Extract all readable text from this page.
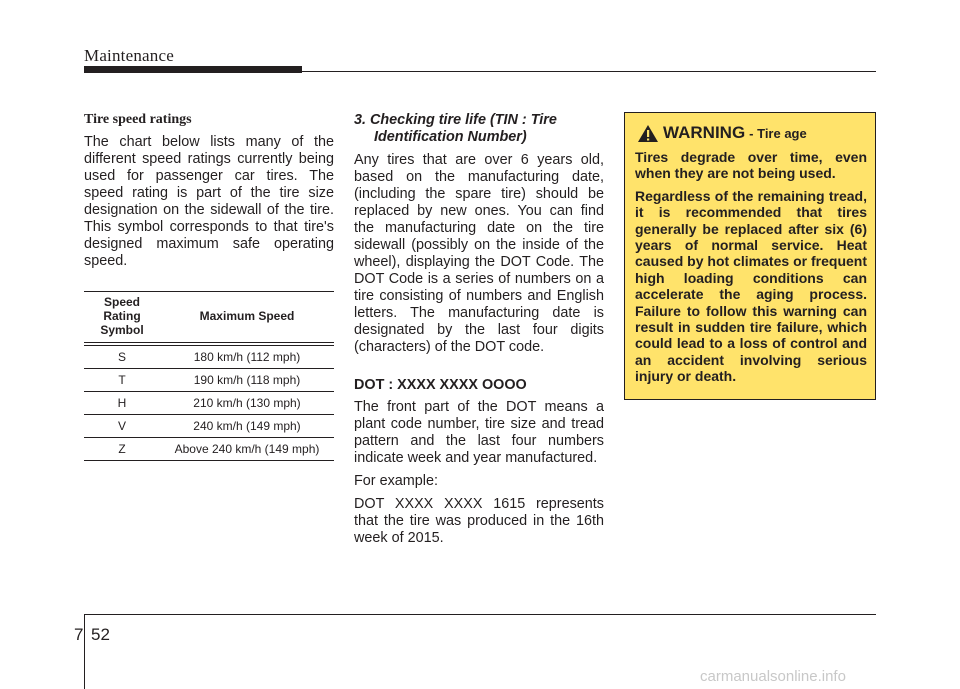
Maintenance

Tire speed ratings

The chart below lists many of the different speed ratings currently being used for passenger car tires. The speed rating is part of the tire size designation on the sidewall of the tire. This symbol corresponds to that tire's designed maximum safe operating speed.

Speed Rating Symbol	Maximum Speed

S	180 km/h (112 mph)
T	190 km/h (118 mph)
H	210 km/h (130 mph)
V	240 km/h (149 mph)
Z	Above 240 km/h (149 mph)

3. Checking tire life (TIN : Tire
Identification Number)

Any tires that are over 6 years old, based on the manufacturing date, (including the spare tire) should be replaced by new ones. You can find the manufacturing date on the tire sidewall (possibly on the inside of the wheel), displaying the DOT Code. The DOT Code is a series of numbers on a tire consisting of numbers and English letters. The manufacturing date is designated by the last four digits (characters) of the DOT code.

DOT : XXXX XXXX OOOO

The front part of the DOT means a plant code number, tire size and tread pattern and the last four numbers indicate week and year manufactured.

For example:

DOT XXXX XXXX 1615 represents that the tire was produced in the 16th week of 2015.

WARNING - Tire age

Tires degrade over time, even when they are not being used.

Regardless of the remaining tread, it is recommended that tires generally be replaced after six (6) years of normal service. Heat caused by hot climates or frequent high loading conditions can accelerate the aging process. Failure to follow this warning can result in sudden tire failure, which could lead to a loss of control and an accident involving serious injury or death.

7 52
carmanualsonline.info
